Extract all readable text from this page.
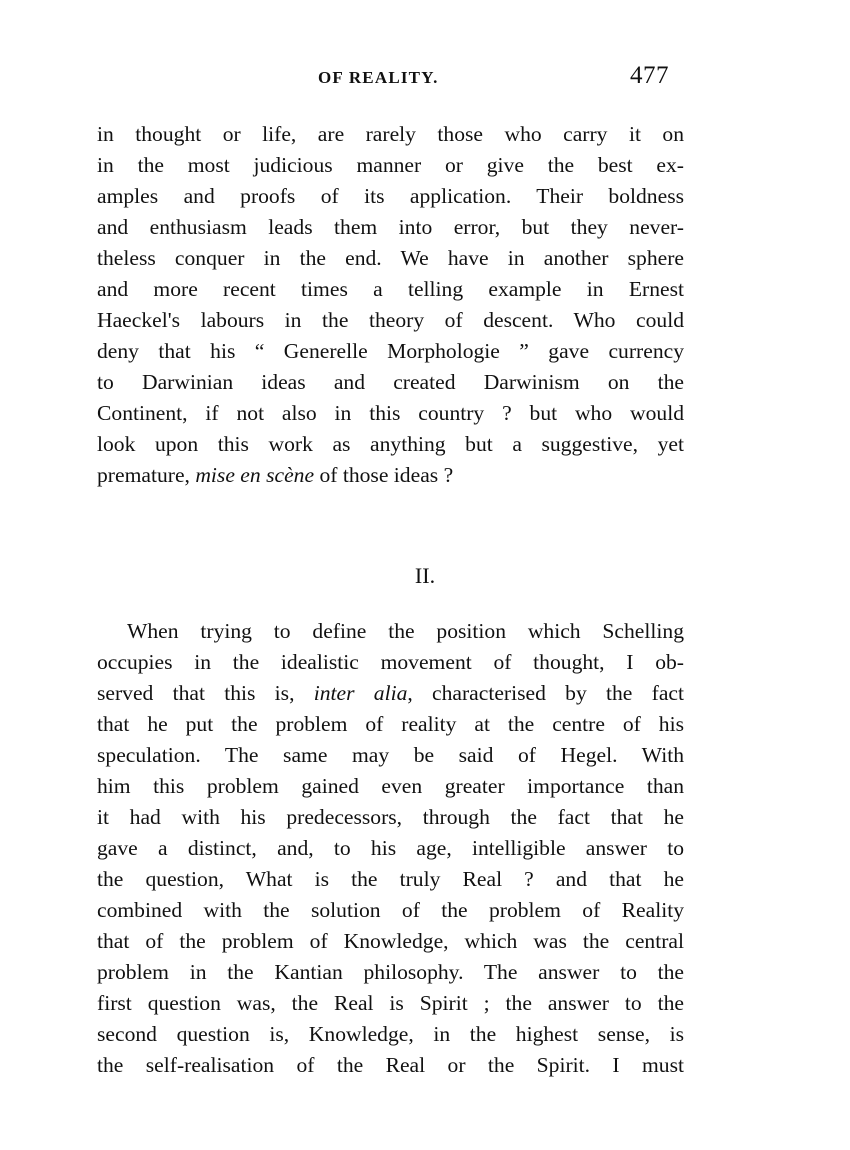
OF REALITY.	477
in thought or life, are rarely those who carry it on
in the most judicious manner or give the best ex-
amples and proofs of its application. Their boldness
and enthusiasm leads them into error, but they never-
theless conquer in the end. We have in another sphere
and more recent times a telling example in Ernest
Haeckel's labours in the theory of descent. Who could
deny that his “ Generelle Morphologie ” gave currency
to Darwinian ideas and created Darwinism on the
Continent, if not also in this country ? but who would
look upon this work as anything but a suggestive, yet
premature, mise en scène of those ideas ?
II.
When trying to define the position which Schelling
occupies in the idealistic movement of thought, I ob-
served that this is, inter alia, characterised by the fact
that he put the problem of reality at the centre of his
speculation. The same may be said of Hegel. With
him this problem gained even greater importance than
it had with his predecessors, through the fact that he
gave a distinct, and, to his age, intelligible answer to
the question, What is the truly Real ? and that he
combined with the solution of the problem of Reality
that of the problem of Knowledge, which was the central
problem in the Kantian philosophy. The answer to the
first question was, the Real is Spirit ; the answer to the
second question is, Knowledge, in the highest sense, is
the self-realisation of the Real or the Spirit. I must
